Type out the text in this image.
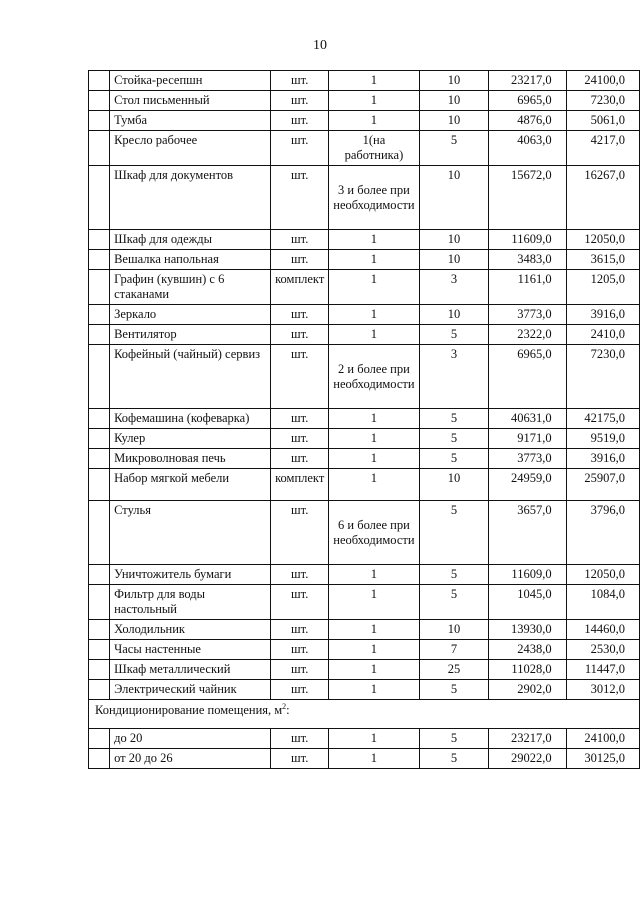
10
	Стойка-ресепшн	шт.	1	10	23217,0	24100,0
	Стол письменный	шт.	1	10	6965,0	7230,0
	Тумба	шт.	1	10	4876,0	5061,0
	Кресло рабочее	шт.	1(на работника)	5	4063,0	4217,0
	Шкаф для документов	шт.	3 и более при необходимости	10	15672,0	16267,0
	Шкаф для одежды	шт.	1	10	11609,0	12050,0
	Вешалка напольная	шт.	1	10	3483,0	3615,0
	Графин (кувшин) с 6 стаканами	комплект	1	3	1161,0	1205,0
	Зеркало	шт.	1	10	3773,0	3916,0
	Вентилятор	шт.	1	5	2322,0	2410,0
	Кофейный (чайный) сервиз	шт.	2 и более при необходимости	3	6965,0	7230,0
	Кофемашина (кофеварка)	шт.	1	5	40631,0	42175,0
	Кулер	шт.	1	5	9171,0	9519,0
	Микроволновая печь	шт.	1	5	3773,0	3916,0
	Набор мягкой мебели	комплект	1	10	24959,0	25907,0
	Стулья	шт.	6 и более при необходимости	5	3657,0	3796,0
	Уничтожитель бумаги	шт.	1	5	11609,0	12050,0
	Фильтр для воды настольный	шт.	1	5	1045,0	1084,0
	Холодильник	шт.	1	10	13930,0	14460,0
	Часы настенные	шт.	1	7	2438,0	2530,0
	Шкаф металлический	шт.	1	25	11028,0	11447,0
	Электрический чайник	шт.	1	5	2902,0	3012,0
Кондиционирование помещения, $м^2$:						
	до 20	шт.	1	5	23217,0	24100,0
	от 20 до 26	шт.	1	5	29022,0	30125,0
